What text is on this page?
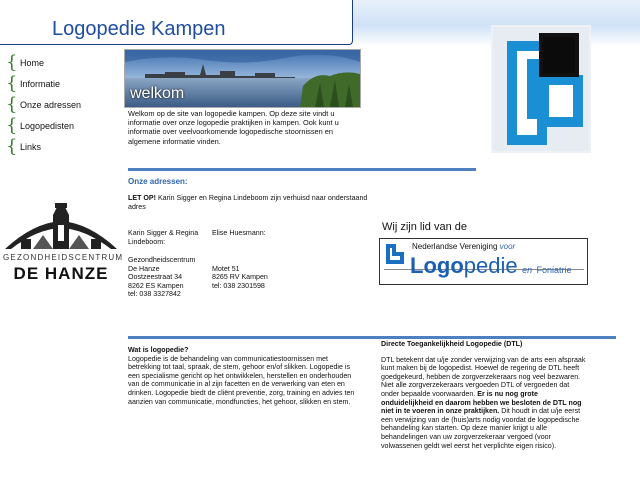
Logopedie Kampen
{ Home
{ Informatie
{ Onze adressen
{ Logopedisten
{ Links
welkom
Welkom op de site van logopedie kampen. Op deze site vindt u informatie over onze logopedie praktijken in kampen. Ook kunt u informatie over veelvoorkomende logopedische stoornissen en algemene informatie vinden.
Onze adressen:
LET OP! Karin Sigger en Regina Lindeboom zijn verhuisd naar onderstaand adres
Karin Sigger & Regina Lindeboom:
Elise Huesmann:
Gezondheidscentrum
De Hanze
Oostzeestraat 34
8262 ES Kampen
tel: 038 3327842
Motet 51
8265 RV Kampen
tel: 038 2301598
GEZONDHEIDSCENTRUM
DE HANZE
Wij zijn lid van de
Nederlandse Vereniging voor
Logopedie en Foniatrie
Wat is logopedie?
Logopedie is de behandeling van communicatiestoornissen met betrekking tot taal, spraak, de stem, gehoor en/of slikken. Logopedie is een specialisme gericht op het ontwikkelen, herstellen en onderhouden van de communicatie in al zijn facetten en de verwerking van eten en drinken. Logopedie biedt de cliënt preventie, zorg, training en advies ten aanzien van communicatie, mondfuncties, het gehoor, slikken en stem.
Directe Toegankelijkheid Logopedie (DTL)
DTL betekent dat u/je zonder verwijzing van de arts een afspraak kunt maken bij de logopedist. Hoewel de regering de DTL heeft goedgekeurd, hebben de zorgverzekeraars nog veel bezwaren. Niet alle zorgverzekeraars vergoeden DTL of vergoeden dat onder bepaalde voorwaarden. Er is nu nog grote onduidelijkheid en daarom hebben we besloten de DTL nog niet in te voeren in onze praktijken. Dit houdt in dat u/je eerst een verwijzing van de (huis)arts nodig voordat de logopedische behandeling kan starten. Op deze manier krijgt u alle behandelingen van uw zorgverzekeraar vergoed (voor volwassenen geldt wel eerst het verplichte eigen risico).
